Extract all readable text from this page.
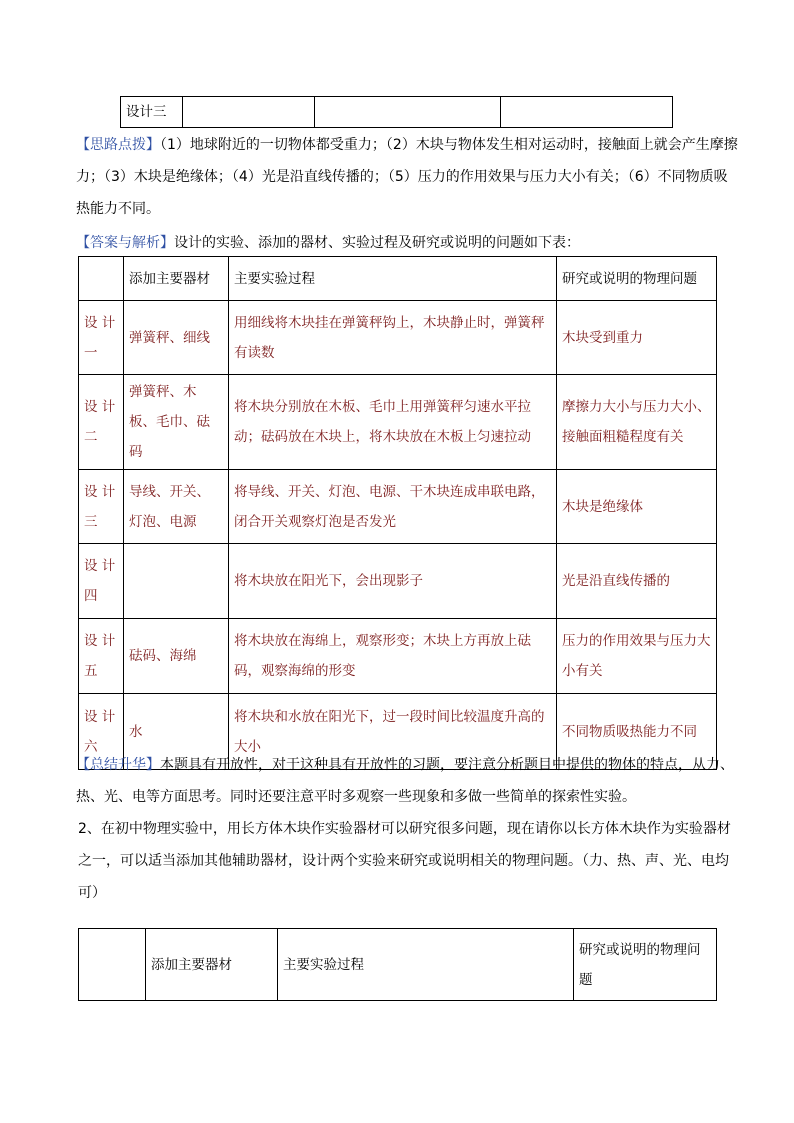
设计三			
【思路点拨】（1）地球附近的一切物体都受重力；（2）木块与物体发生相对运动时，接触面上就会产生摩擦力；（3）木块是绝缘体；（4）光是沿直线传播的；（5）压力的作用效果与压力大小有关；（6）不同物质吸热能力不同。
【答案与解析】设计的实验、添加的器材、实验过程及研究或说明的问题如下表：
	添加主要器材	主要实验过程	研究或说明的物理问题
设 计 一	弹簧秤、细线	用细线将木块挂在弹簧秤钩上，木块静止时，弹簧秤有读数	木块受到重力
设 计 二	弹簧秤、木板、毛巾、砝码	将木块分别放在木板、毛巾上用弹簧秤匀速水平拉动；砝码放在木块上，将木块放在木板上匀速拉动	摩擦力大小与压力大小、接触面粗糙程度有关
设 计 三	导线、开关、灯泡、电源	将导线、开关、灯泡、电源、干木块连成串联电路，闭合开关观察灯泡是否发光	木块是绝缘体
设 计 四		将木块放在阳光下，会出现影子	光是沿直线传播的
设 计 五	砝码、海绵	将木块放在海绵上，观察形变；木块上方再放上砝码，观察海绵的形变	压力的作用效果与压力大小有关
设 计 六	水	将木块和水放在阳光下，过一段时间比较温度升高的大小	不同物质吸热能力不同
【总结升华】本题具有开放性，对于这种具有开放性的习题，要注意分析题目中提供的物体的特点，从力、热、光、电等方面思考。同时还要注意平时多观察一些现象和多做一些简单的探索性实验。
2、在初中物理实验中，用长方体木块作实验器材可以研究很多问题，现在请你以长方体木块作为实验器材之一，可以适当添加其他辅助器材，设计两个实验来研究或说明相关的物理问题。（力、热、声、光、电均可）
	添加主要器材	主要实验过程	研究或说明的物理问题
